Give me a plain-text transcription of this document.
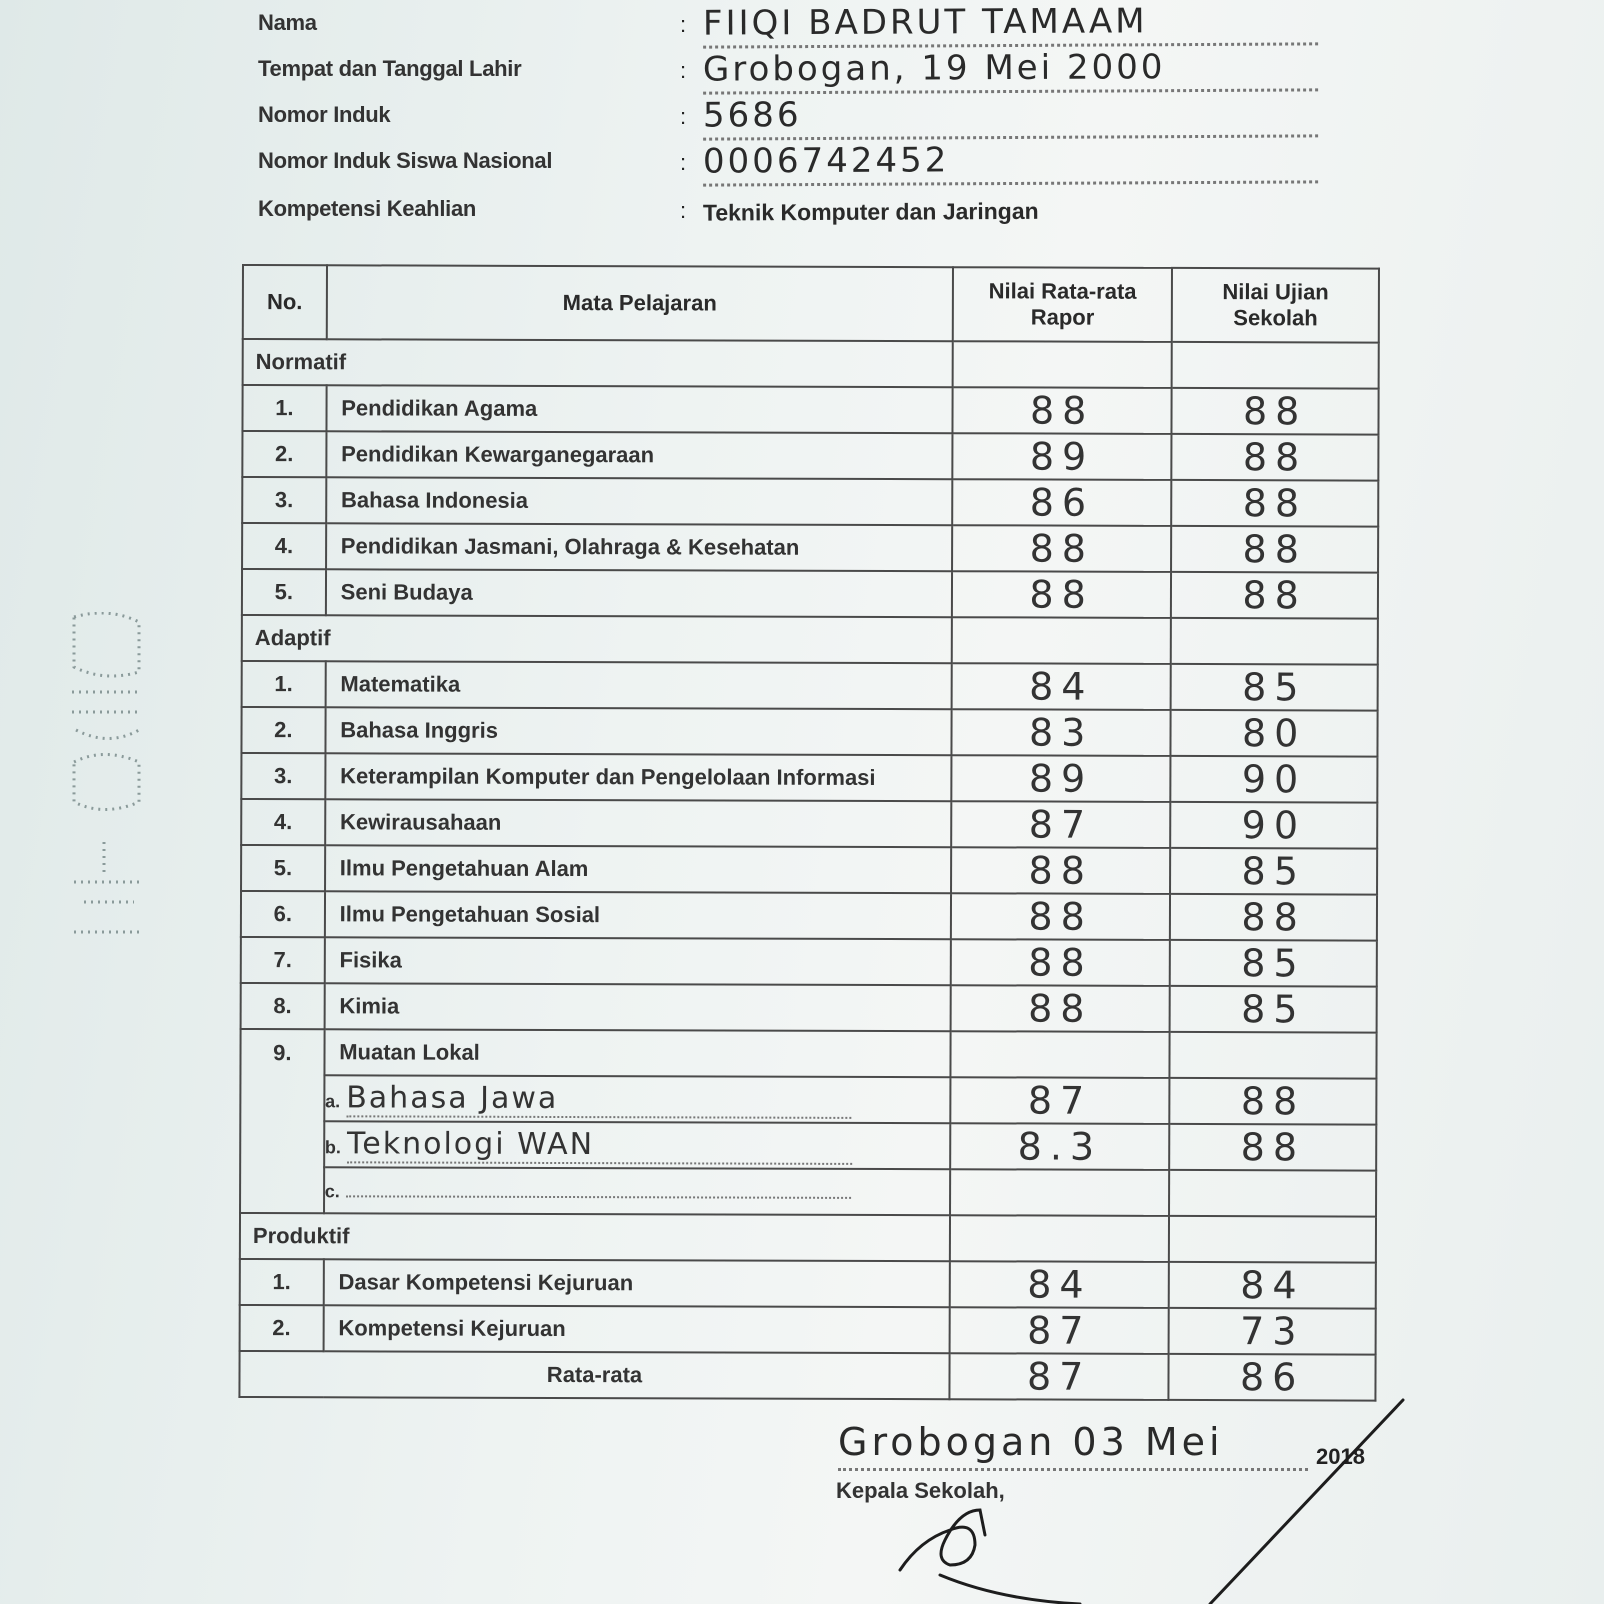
Nama	: FIIQI BADRUT TAMAAM
Tempat dan Tanggal Lahir	: Grobogan, 19 Mei 2000
Nomor Induk	: 5686
Nomor Induk Siswa Nasional	: 0006742452
Kompetensi Keahlian	: Teknik Komputer dan Jaringan
No.	Mata Pelajaran	Nilai Rata-rata Rapor	Nilai Ujian Sekolah
Normatif			
1.	Pendidikan Agama	88	88
2.	Pendidikan Kewarganegaraan	89	88
3.	Bahasa Indonesia	86	88
4.	Pendidikan Jasmani, Olahraga & Kesehatan	88	88
5.	Seni Budaya	88	88
Adaptif			
1.	Matematika	84	85
2.	Bahasa Inggris	83	80
3.	Keterampilan Komputer dan Pengelolaan Informasi	89	90
4.	Kewirausahaan	87	90
5.	Ilmu Pengetahuan Alam	88	85
6.	Ilmu Pengetahuan Sosial	88	88
7.	Fisika	88	85
8.	Kimia	88	85
9.	Muatan Lokal		
	a. Bahasa Jawa	87	88
	b. Teknologi WAN	8.3	88
	c.		
Produktif			
1.	Dasar Kompetensi Kejuruan	84	84
2.	Kompetensi Kejuruan	87	73
Rata-rata		87	86
Grobogan 03 Mei	2018
Kepala Sekolah,
